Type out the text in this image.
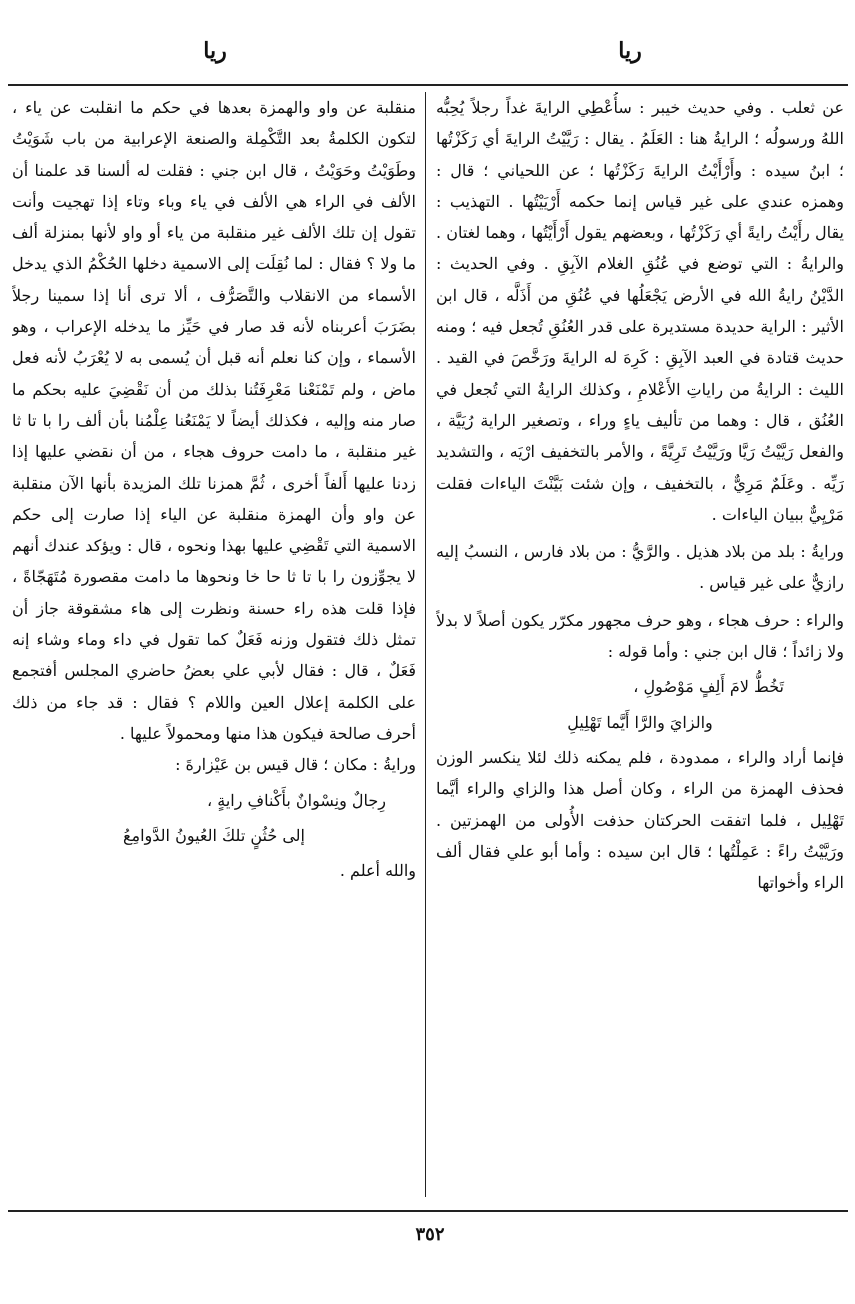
ريا
ريا

عن ثعلب . وفي حديث خيبر : سأُعْطِي الرايةَ غداً رجلاً يُحِبُّه اللهُ ورسولُه ؛ الرايةُ هنا : العَلَمُ . يقال : رَيَّيْتُ الرايةَ أي رَكَزْتُها ؛ ابنُ سيده : وأَرْأَيْتُ الرايةَ رَكَزْتُها ؛ عن اللحياني ؛ قال : وهمزه عندي على غير قياس إنما حكمه أَرْيَيْتُها . التهذيب : يقال رأَيْتُ رايةً أي رَكَزْتُها ، وبعضهم يقول أَرْأَيْتُها ، وهما لغتان . والرايةُ : التي توضع في عُنُقِ الغلام الآبِقِ . وفي الحديث : الدَّيْنُ رايةُ الله في الأرض يَجْعَلُها في عُنُقِ من أَذَلَّه ، قال ابن الأثير : الراية حديدة مستديرة على قدر العُنُقِ تُجعل فيه ؛ ومنه حديث قتادة في العبد الآبِقِ : كَرِهَ له الرايةَ ورَخَّصَ في القيد . الليث : الرايةُ من راياتِ الأَعْلامِ ، وكذلك الرايةُ التي تُجعل في العُنُق ، قال : وهما من تأليف ياءٍ وراء ، وتصغير الراية رُيَيَّة ، والفعل رَيَّيْتُ رَيَّا ورَيَّيْتُ تَرِيَّةً ، والأمر بالتخفيف ارْيَه ، والتشديد رَيِّه . وعَلَمٌ مَرِيٌّ ، بالتخفيف ، وإن شئت بَيَّنْتَ الياءات فقلت مَرْيِيٌّ ببيان الياءات .

ورايةُ : بلد من بلاد هذيل . والرَّيُّ : من بلاد فارس ، النسبُ إليه رازيٌّ على غير قياس .

والراء : حرف هجاء ، وهو حرف مجهور مكرّر يكون أصلاً لا بدلاً ولا زائداً ؛ قال ابن جني : وأما قوله :

تَخُطُّ لامَ أَلِفٍ مَوْصُولِ ،
والزايَ والرَّا أَيَّما تَهْلِيلِ

فإنما أراد والراء ، ممدودة ، فلم يمكنه ذلك لئلا ينكسر الوزن فحذف الهمزة من الراء ، وكان أصل هذا والزاي والراء أيَّما تَهْلِيل ، فلما اتفقت الحركتان حذفت الأُولى من الهمزتين . ورَيَّيْتُ راءً : عَمِلْتُها ؛ قال ابن سيده : وأما أبو علي فقال ألف الراء وأخواتها

منقلبة عن واو والهمزة بعدها في حكم ما انقلبت عن ياء ، لتكون الكلمةُ بعد التَّكْمِلة والصنعة الإعرابية من باب شَوَيْتُ وطَوَيْتُ وحَوَيْتُ ، قال ابن جني : فقلت له ألسنا قد علمنا أن الألف في الراء هي الألف في ياء وباء وتاء إذا تهجيت وأنت تقول إن تلك الألف غير منقلبة من ياء أو واو لأنها بمنزلة ألف ما ولا ؟ فقال : لما نُقِلَت إلى الاسمية دخلها الحُكْمُ الذي يدخل الأسماء من الانقلاب والتَّصَرُّف ، ألا ترى أنا إذا سمينا رجلاً بضَرَبَ أعربناه لأنه قد صار في حَيِّز ما يدخله الإعراب ، وهو الأسماء ، وإن كنا نعلم أنه قبل أن يُسمى به لا يُعْرَبُ لأنه فعل ماض ، ولم تَمْنَعْنا مَعْرِفَتُنا بذلك من أن نَقْضِيَ عليه بحكم ما صار منه وإليه ، فكذلك أيضاً لا يَمْنَعُنا عِلْمُنا بأن ألف را با تا ثا غير منقلبة ، ما دامت حروف هجاء ، من أن نقضي عليها إذا زدنا عليها أَلفاً أخرى ، ثُمَّ همزنا تلك المزيدة بأنها الآن منقلبة عن واو وأن الهمزة منقلبة عن الياء إذا صارت إلى حكم الاسمية التي تَقْضِي عليها بهذا ونحوه ، قال : ويؤكد عندك أنهم لا يجوِّزون را با تا ثا حا خا ونحوها ما دامت مقصورة مُتَهَجّاةً ، فإذا قلت هذه راء حسنة ونظرت إلى هاء مشقوقة جاز أن تمثل ذلك فتقول وزنه فَعَلٌ كما تقول في داء وماء وشاء إنه فَعَلٌ ، قال : فقال لأبي علي بعضُ حاضري المجلس أفتجمع على الكلمة إعلال العين واللام ؟ فقال : قد جاء من ذلك أحرف صالحة فيكون هذا منها ومحمولاً عليها .

ورايةُ : مكان ؛ قال قيس بن عَيْزارةَ :

رِجالٌ ونِسْوانٌ بأَكْنافِ رايةٍ ،
إلى حُثُنٍ تلكَ العُيونُ الدَّوامِعُ

والله أعلم .

٣٥٢
